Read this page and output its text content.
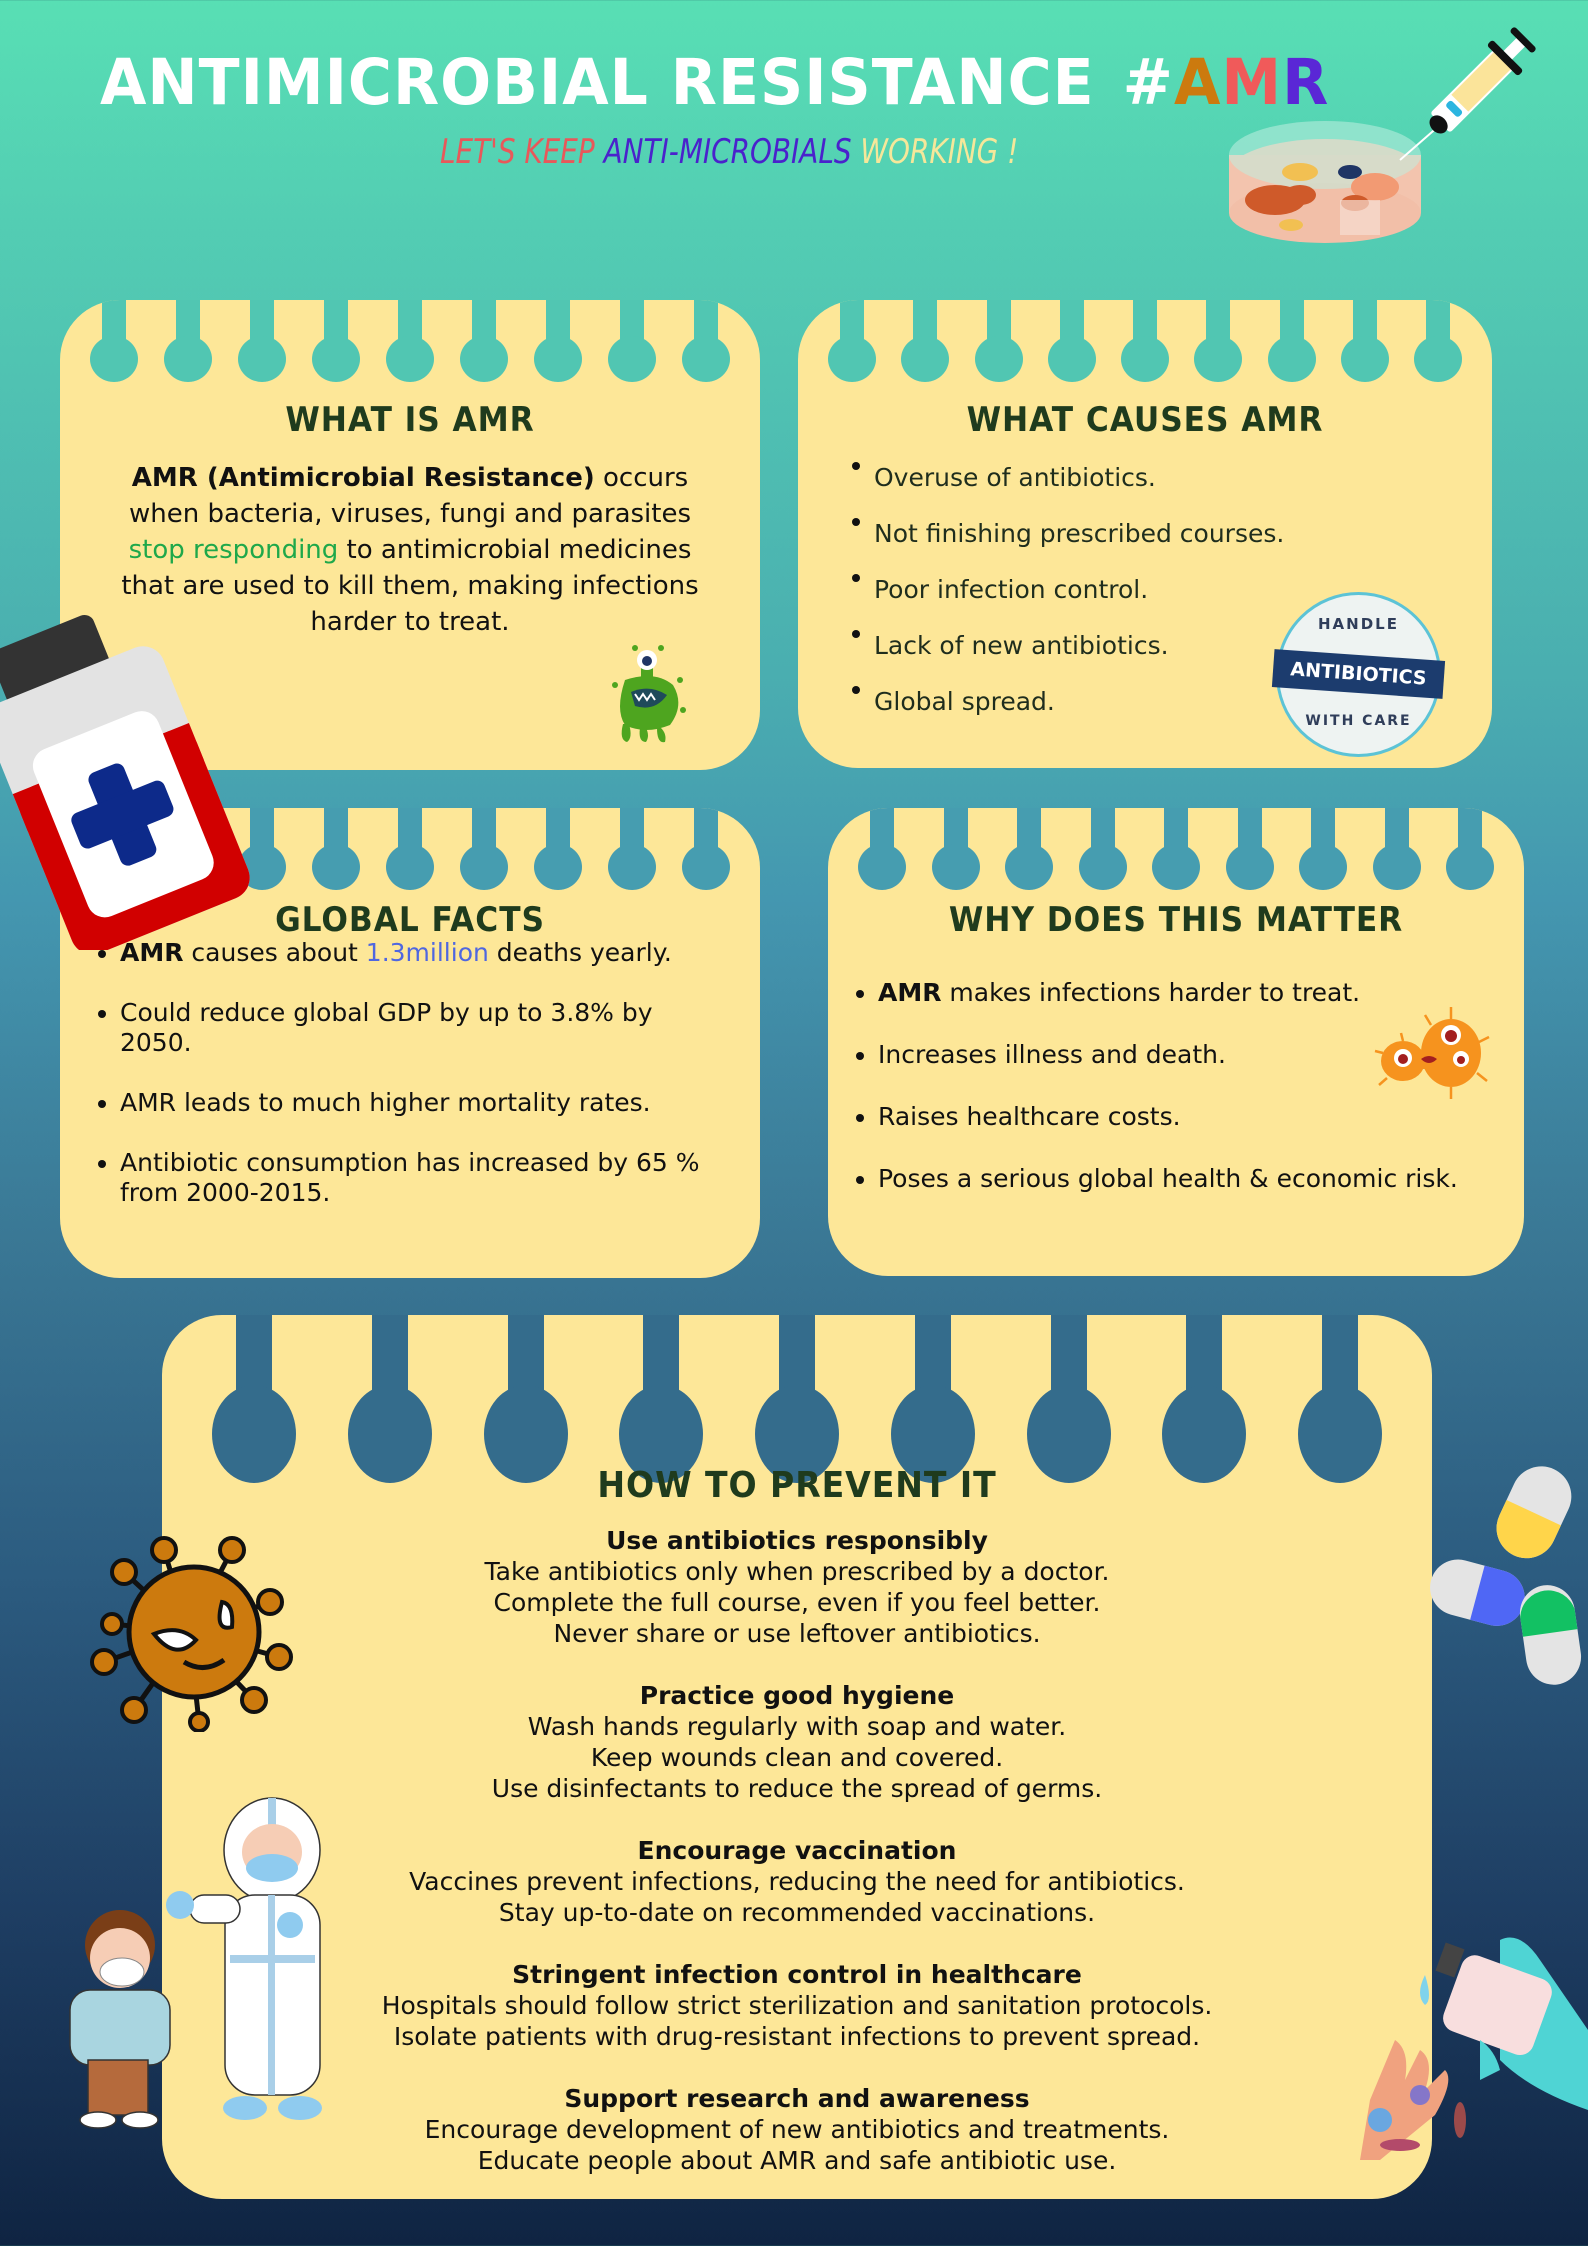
ANTIMICROBIAL RESISTANCE #AMR
LET'S KEEP ANTI-MICROBIALS WORKING !
WHAT IS AMR

AMR (Antimicrobial Resistance) occurs when bacteria, viruses, fungi and parasites stop responding to antimicrobial medicines that are used to kill them, making infections harder to treat.

WHAT CAUSES AMR
Overuse of antibiotics.
Not finishing prescribed courses.
Poor infection control.
Lack of new antibiotics.
Global spread.
HANDLE
ANTIBIOTICS
WITH CARE
GLOBAL FACTS
AMR causes about 1.3million deaths yearly.
Could reduce global GDP by up to 3.8% by 2050.
AMR leads to much higher mortality rates.
Antibiotic consumption has increased by 65 % from 2000-2015.
WHY DOES THIS MATTER
AMR makes infections harder to treat.
Increases illness and death.
Raises healthcare costs.
Poses a serious global health & economic risk.
HOW TO PREVENT IT
Use antibiotics responsibly
Take antibiotics only when prescribed by a doctor.
Complete the full course, even if you feel better.
Never share or use leftover antibiotics.
Practice good hygiene
Wash hands regularly with soap and water.
Keep wounds clean and covered.
Use disinfectants to reduce the spread of germs.
Encourage vaccination
Vaccines prevent infections, reducing the need for antibiotics.
Stay up-to-date on recommended vaccinations.
Stringent infection control in healthcare
Hospitals should follow strict sterilization and sanitation protocols.
Isolate patients with drug-resistant infections to prevent spread.
Support research and awareness
Encourage development of new antibiotics and treatments.
Educate people about AMR and safe antibiotic use.
